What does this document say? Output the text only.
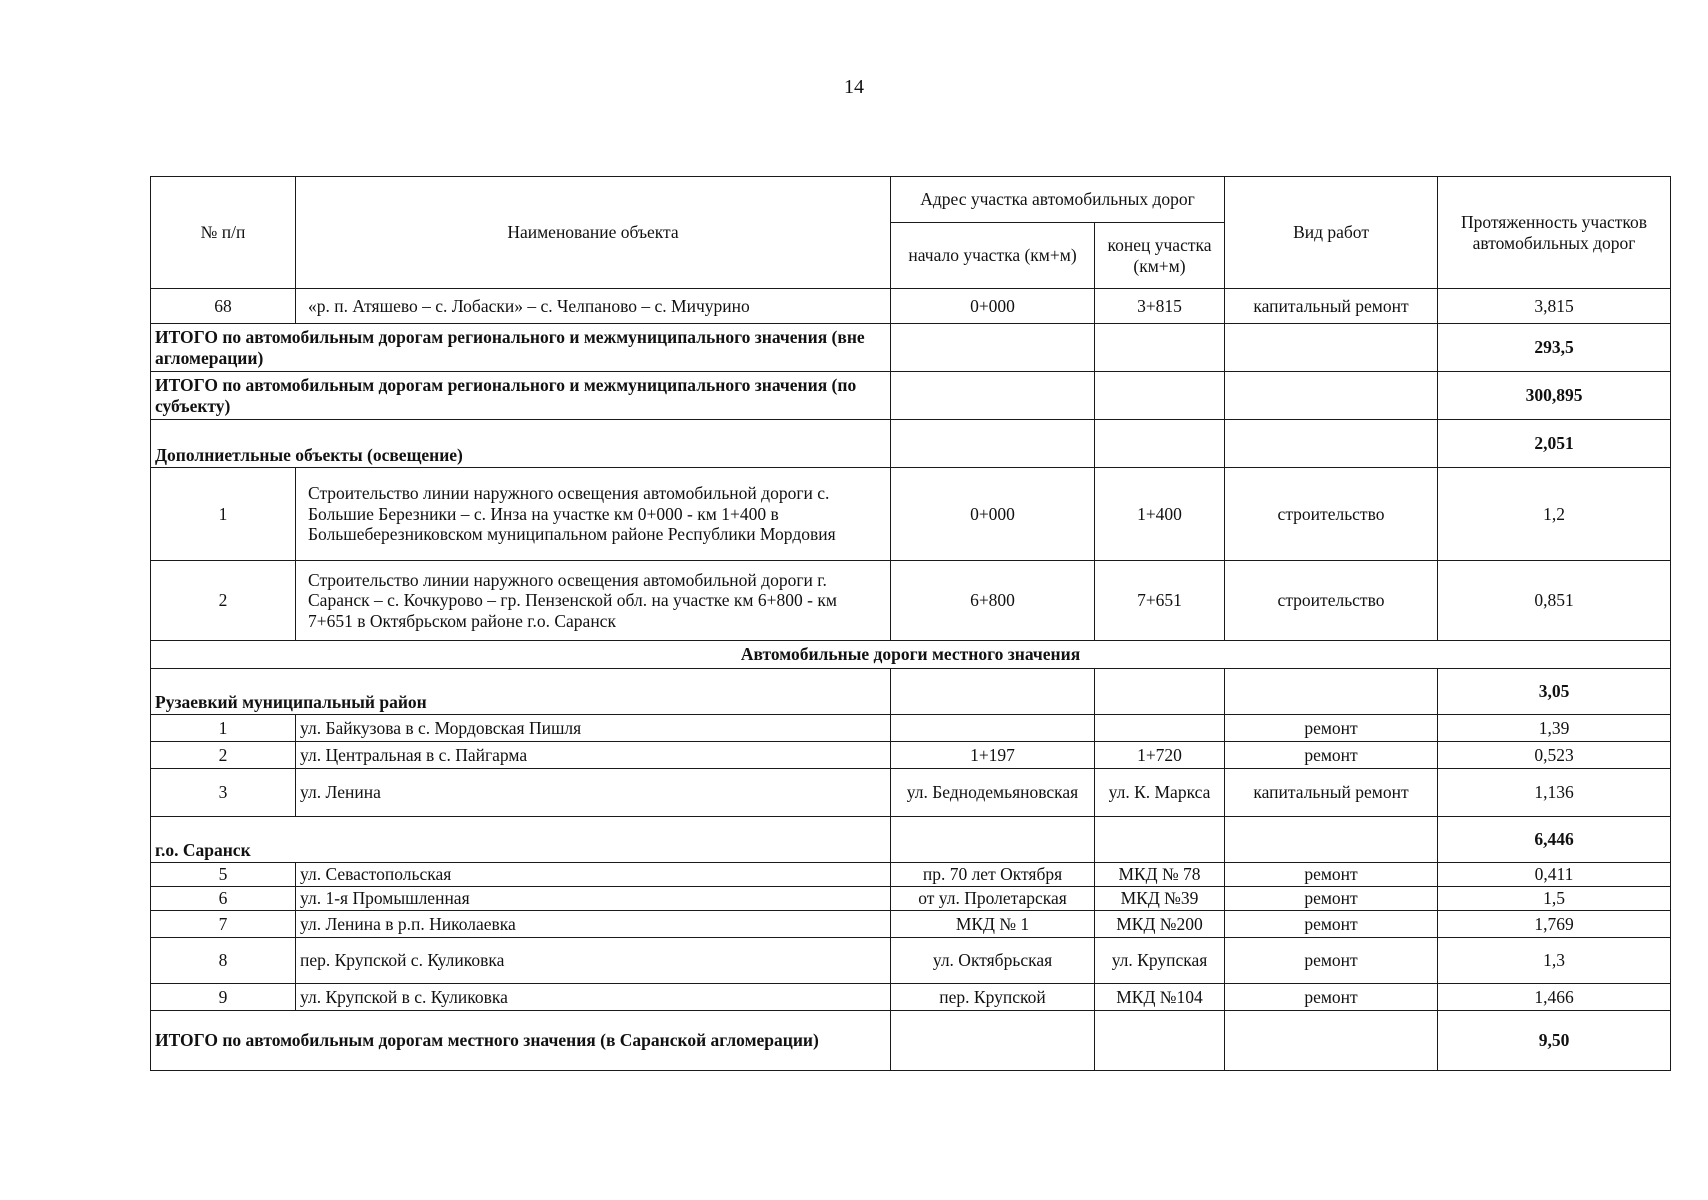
14
№ п/п	Наименование объекта	Адрес участка автомобильных дорог		Вид работ	Протяженность участков автомобильных дорог
		начало участка (км+м)	конец участка (км+м)		
68	«р. п. Атяшево – с. Лобаски» – с. Челпаново – с. Мичурино	0+000	3+815	капитальный ремонт	3,815
ИТОГО по автомобильным дорогам регионального и межмуниципального значения (вне агломерации)					293,5
ИТОГО по автомобильным дорогам регионального и межмуниципального значения (по субъекту)					300,895
Дополниетльные объекты (освещение)					2,051
1	Строительство линии наружного освещения автомобильной дороги с. Большие Березники – с. Инза на участке км 0+000 - км 1+400 в Большеберезниковском муниципальном районе Республики Мордовия	0+000	1+400	строительство	1,2
2	Строительство линии наружного освещения автомобильной дороги г. Саранск – с. Кочкурово – гр. Пензенской обл. на участке км 6+800 - км 7+651 в Октябрьском районе г.о. Саранск	6+800	7+651	строительство	0,851
Автомобильные дороги местного значения					
Рузаевкий муниципальный район					3,05
1	ул. Байкузова в с. Мордовская Пишля			ремонт	1,39
2	ул. Центральная в с. Пайгарма	1+197	1+720	ремонт	0,523
3	ул. Ленина	ул. Беднодемьяновская	ул. К. Маркса	капитальный ремонт	1,136
г.о. Саранск					6,446
5	ул. Севастопольская	пр. 70 лет Октября	МКД № 78	ремонт	0,411
6	ул. 1-я Промышленная	от ул. Пролетарская	МКД №39	ремонт	1,5
7	ул. Ленина в р.п. Николаевка	МКД № 1	МКД №200	ремонт	1,769
8	пер. Крупской с. Куликовка	ул. Октябрьская	ул. Крупская	ремонт	1,3
9	ул. Крупской в с. Куликовка	пер. Крупской	МКД №104	ремонт	1,466
ИТОГО по автомобильным дорогам местного значения (в Саранской агломерации)					9,50
